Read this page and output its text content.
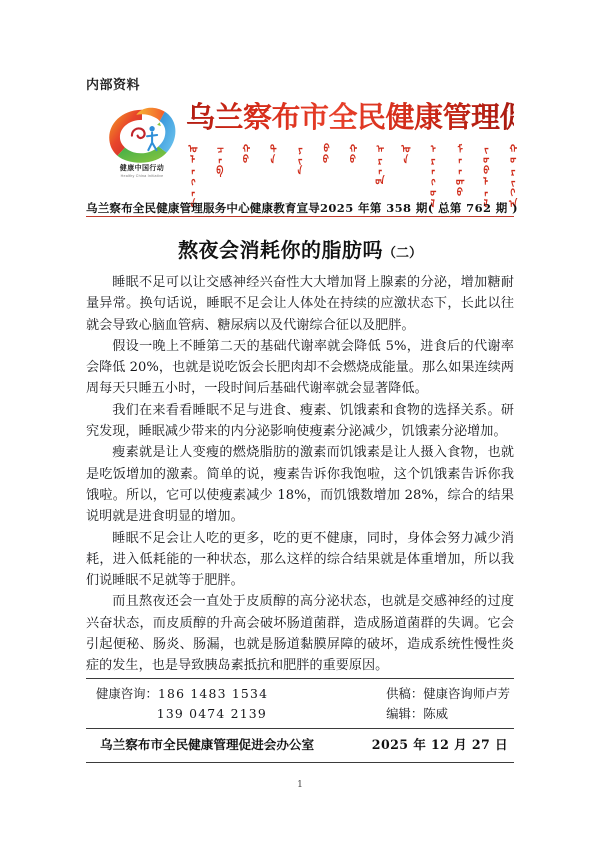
内部资料
健康中国行动
Healthy China Initiative
乌兰察布市全民健康管理促进会
ᠤᠯᠠᠭᠠᠨ ᠴᠠᠪ ᠬᠣ ᠲᠠ ᠶᠢᠨ ᠪᠦ ᠬᠦ ᠠᠷᠠᠳ ᠤᠨ ᠡᠷᠡᠭᠦᠯ ᠮᠡᠨᠳᠦ ᠵᠥᠪᠯᠡᠯ ᠬᠣᠷᠢᠶ᠎ᠠ
乌兰察布全民健康管理服务中心健康教育宣导 2025 年第 358 期( 总第 762 期 )
熬夜会消耗你的脂肪吗（二）

睡眠不足可以让交感神经兴奋性大大增加肾上腺素的分泌，增加糖耐量异常。换句话说，睡眠不足会让人体处在持续的应激状态下，长此以往就会导致心脑血管病、糖尿病以及代谢综合征以及肥胖。

假设一晚上不睡第二天的基础代谢率就会降低 5%，进食后的代谢率会降低 20%，也就是说吃饭会长肥肉却不会燃烧成能量。那么如果连续两周每天只睡五小时，一段时间后基础代谢率就会显著降低。

我们在来看看睡眠不足与进食、瘦素、饥饿素和食物的选择关系。研究发现，睡眠减少带来的内分泌影响使瘦素分泌减少，饥饿素分泌增加。

瘦素就是让人变瘦的燃烧脂肪的激素而饥饿素是让人摄入食物，也就是吃饭增加的激素。简单的说，瘦素告诉你我饱啦，这个饥饿素告诉你我饿啦。所以，它可以使瘦素减少 18%，而饥饿数增加 28%，综合的结果说明就是进食明显的增加。

睡眠不足会让人吃的更多，吃的更不健康，同时，身体会努力减少消耗，进入低耗能的一种状态，那么这样的综合结果就是体重增加，所以我们说睡眠不足就等于肥胖。

而且熬夜还会一直处于皮质醇的高分泌状态，也就是交感神经的过度兴奋状态，而皮质醇的升高会破坏肠道菌群，造成肠道菌群的失调。它会引起便秘、肠炎、肠漏，也就是肠道黏膜屏障的破坏，造成系统性慢性炎症的发生，也是导致胰岛素抵抗和肥胖的重要原因。

健康咨询：186 1483 1534
139 0474 2139
供稿：健康咨询师卢芳
编辑：陈威
乌兰察布市全民健康管理促进会办公室	2025 年 12 月 27 日
1
